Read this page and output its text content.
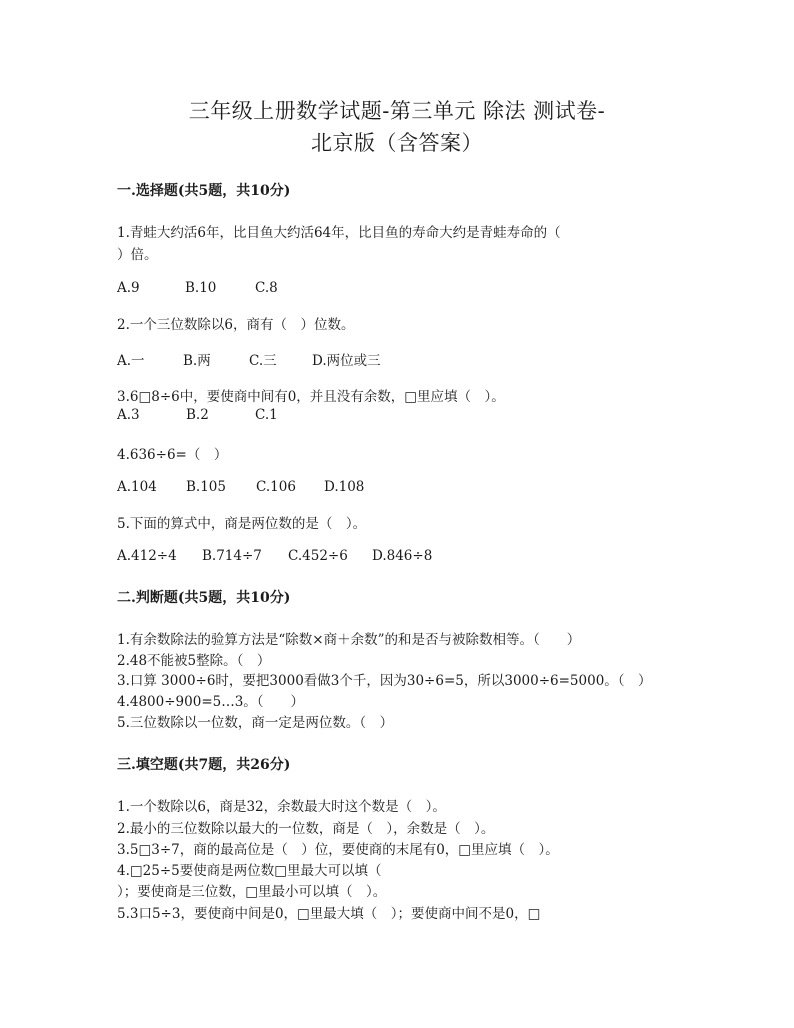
三年级上册数学试题-第三单元 除法 测试卷-
北京版（含答案）
一.选择题(共5题，共10分)
1.青蛙大约活6年，比目鱼大约活64年，比目鱼的寿命大约是青蛙寿命的（
）倍。
A.9	B.10	C.8
2.一个三位数除以6，商有（　）位数。
A.一	B.两	C.三	D.两位或三
3.6□8÷6中，要使商中间有0，并且没有余数，□里应填（　）。
A.3	B.2	C.1
4.636÷6=（　）
A.104 B.105 C.106 D.108
5.下面的算式中，商是两位数的是（　）。
A.412÷4 B.714÷7 C.452÷6 D.846÷8
二.判断题(共5题，共10分)
1.有余数除法的验算方法是“除数×商＋余数”的和是否与被除数相等。（　　）
2.48不能被5整除。（　）
3.口算 3000÷6时，要把3000看做3个千，因为30÷6=5，所以3000÷6=5000。（　）
4.4800÷900=5…3。（　　）
5.三位数除以一位数，商一定是两位数。（　）
三.填空题(共7题，共26分)
1.一个数除以6，商是32，余数最大时这个数是（　）。
2.最小的三位数除以最大的一位数，商是（　），余数是（　）。
3.5□3÷7，商的最高位是（　）位，要使商的末尾有0，□里应填（　）。
4.□25÷5要使商是两位数□里最大可以填（
）；要使商是三位数，□里最小可以填（　）。
5.3口5÷3，要使商中间是0，□里最大填（　）；要使商中间不是0，□
